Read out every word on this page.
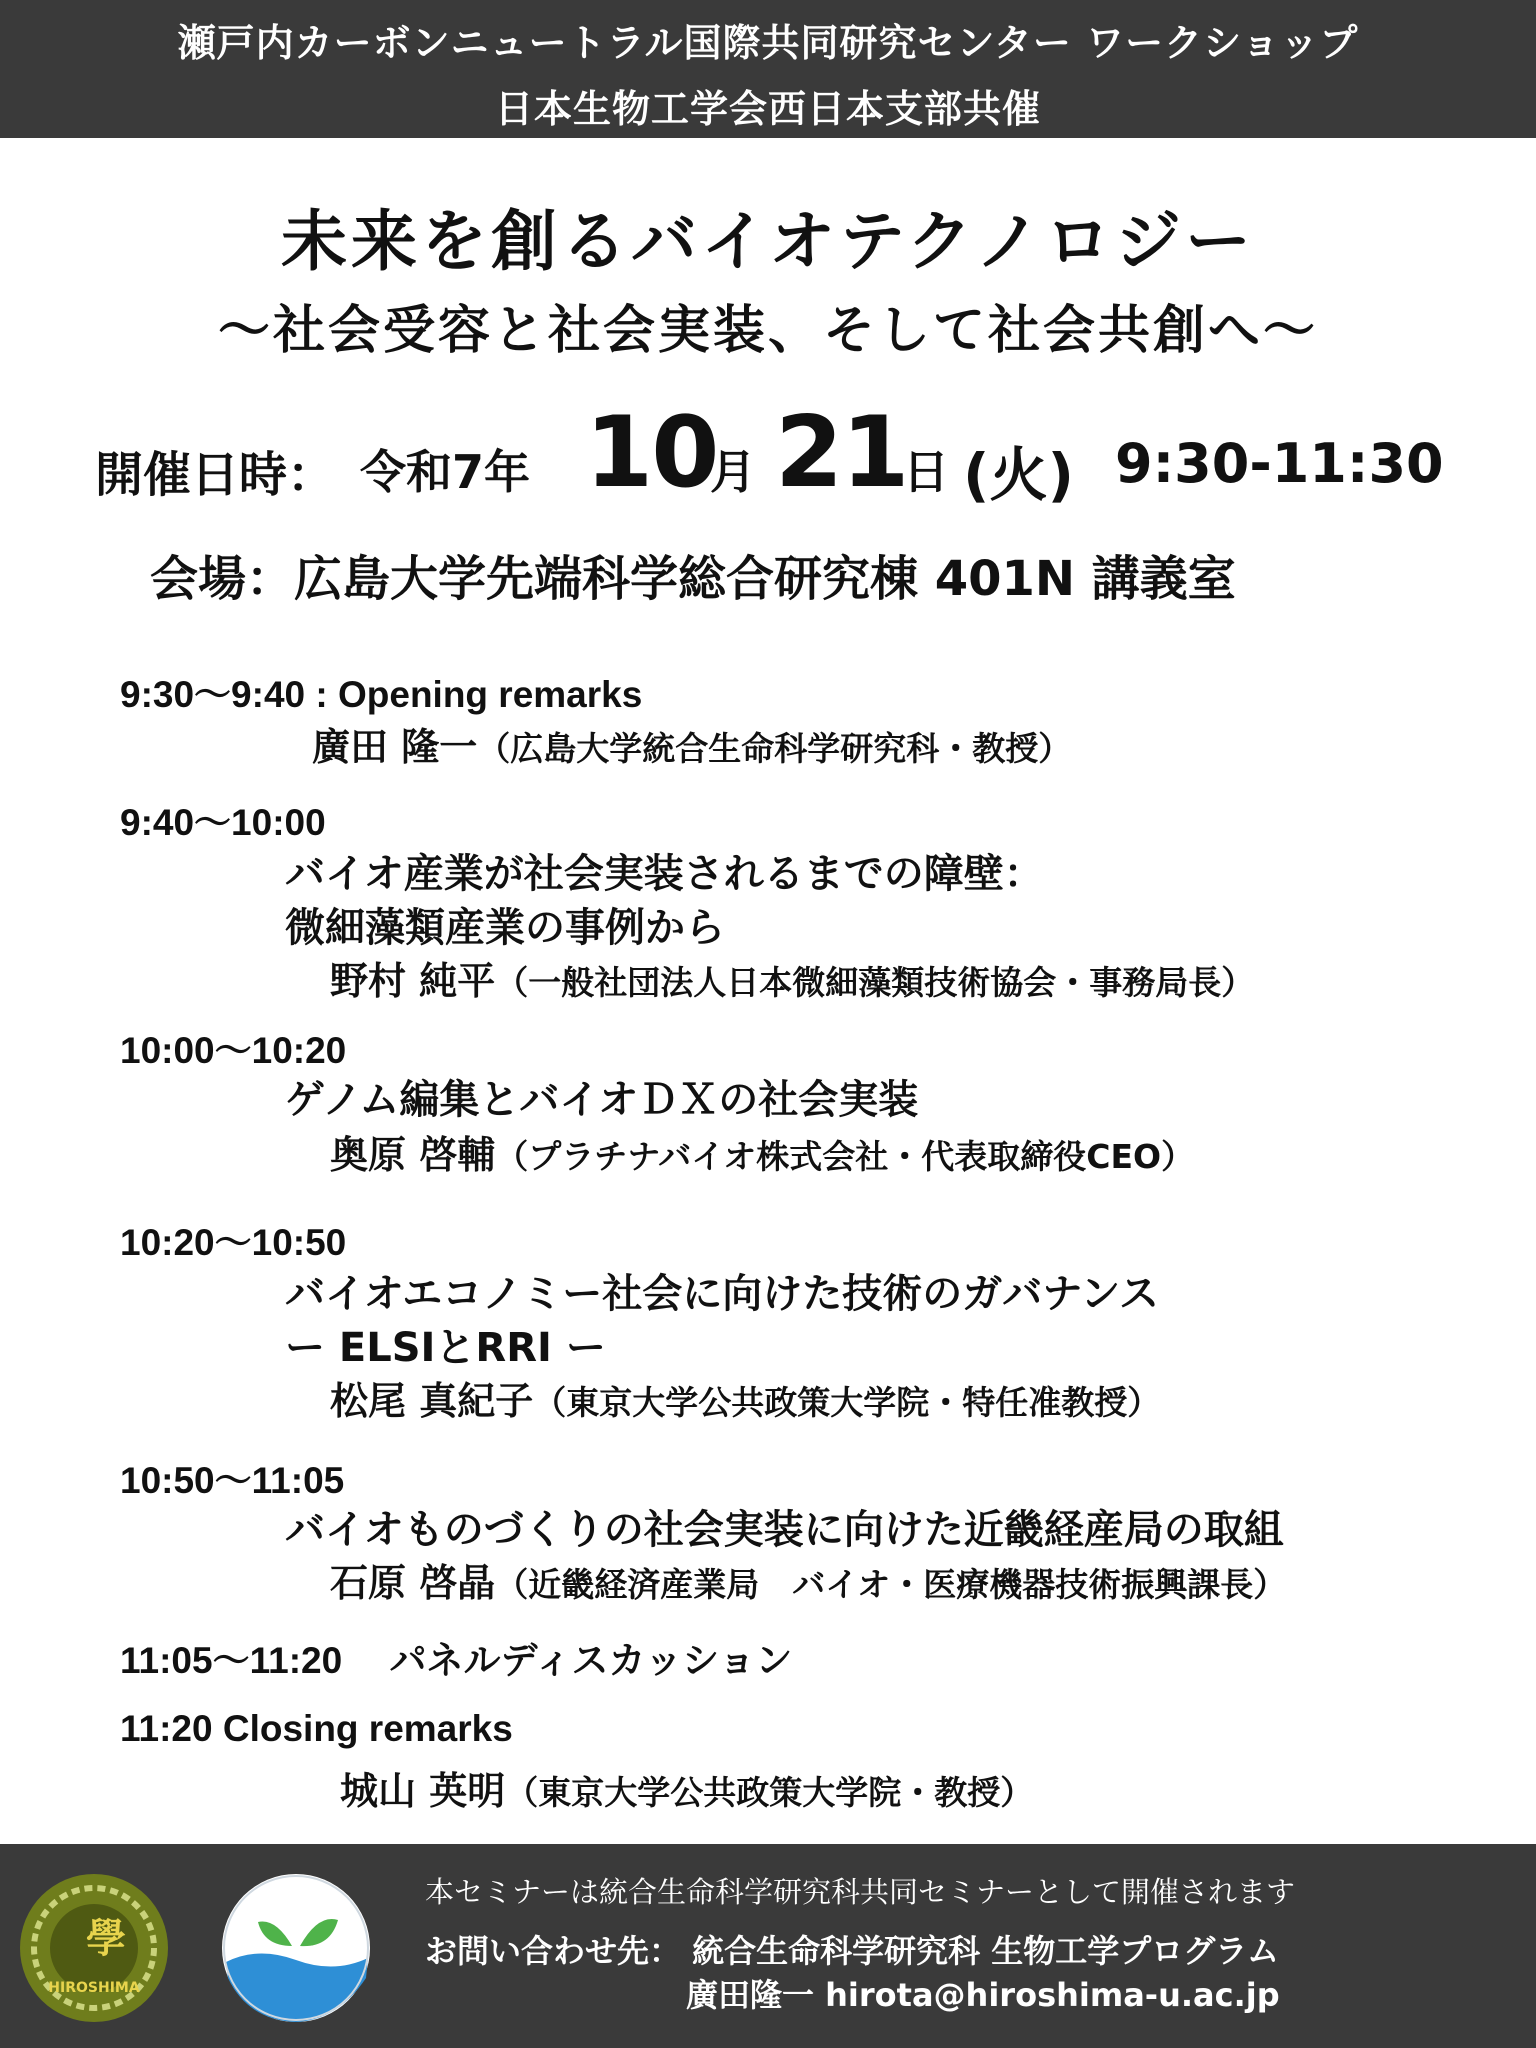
瀬戸内カーボンニュートラル国際共同研究センター ワークショップ
日本生物工学会西日本支部共催
未来を創るバイオテクノロジー
～社会受容と社会実装、そして社会共創へ～
開催日時： 令和7年 10
月 21
日 (火) 9:30-11:30
会場：広島大学先端科学総合研究棟 401N 講義室
9:30～9:40 : Opening remarks
廣田 隆一（広島大学統合生命科学研究科・教授）
9:40～10:00
バイオ産業が社会実装されるまでの障壁：
微細藻類産業の事例から
野村 純平（一般社団法人日本微細藻類技術協会・事務局長）
10:00～10:20
ゲノム編集とバイオＤＸの社会実装
奥原 啓輔（プラチナバイオ株式会社・代表取締役CEO）
10:20～10:50
バイオエコノミー社会に向けた技術のガバナンス
ー ELSIとRRI ー
松尾 真紀子（東京大学公共政策大学院・特任准教授）
10:50～11:05
バイオものづくりの社会実装に向けた近畿経産局の取組
石原 啓晶（近畿経済産業局　バイオ・医療機器技術振興課長）
11:05～11:20　 パネルディスカッション
11:20 Closing remarks
城山 英明（東京大学公共政策大学院・教授）
學
HIROSHIMA
本セミナーは統合生命科学研究科共同セミナーとして開催されます
お問い合わせ先： 統合生命科学研究科 生物工学プログラム
廣田隆一 hirota@hiroshima-u.ac.jp
